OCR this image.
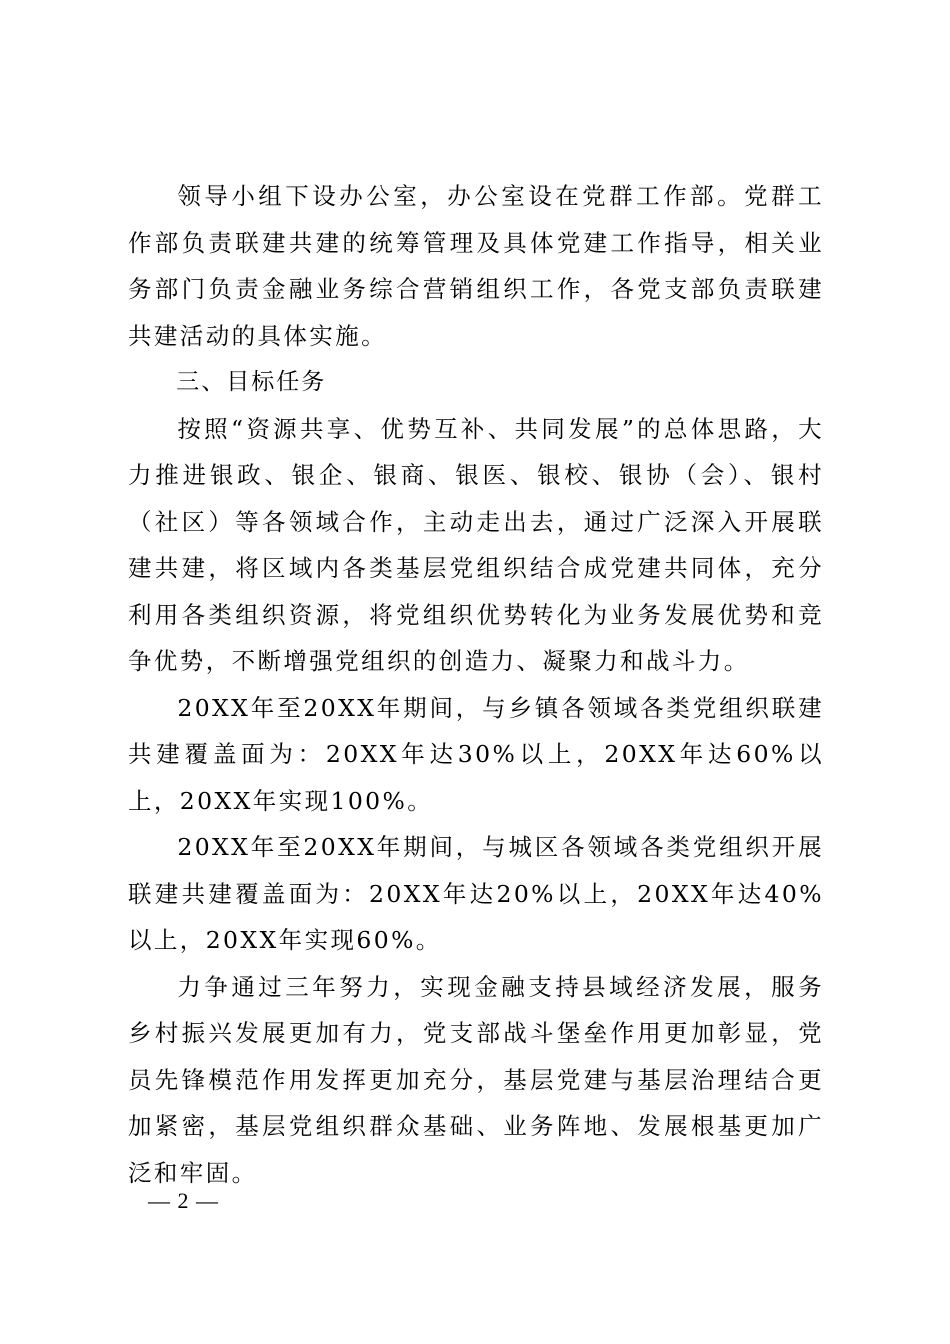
领导小组下设办公室，办公室设在党群工作部。党群工作部负责联建共建的统筹管理及具体党建工作指导，相关业务部门负责金融业务综合营销组织工作，各党支部负责联建共建活动的具体实施。

三、目标任务

按照“资源共享、优势互补、共同发展”的总体思路，大力推进银政、银企、银商、银医、银校、银协（会）、银村（社区）等各领域合作，主动走出去，通过广泛深入开展联建共建，将区域内各类基层党组织结合成党建共同体，充分利用各类组织资源，将党组织优势转化为业务发展优势和竞争优势，不断增强党组织的创造力、凝聚力和战斗力。

20XX年至20XX年期间，与乡镇各领域各类党组织联建共建覆盖面为：20XX年达30%以上，20XX年达60%以上，20XX年实现100%。

20XX年至20XX年期间，与城区各领域各类党组织开展联建共建覆盖面为：20XX年达20%以上，20XX年达40%以上，20XX年实现60%。

力争通过三年努力，实现金融支持县域经济发展，服务乡村振兴发展更加有力，党支部战斗堡垒作用更加彰显，党员先锋模范作用发挥更加充分，基层党建与基层治理结合更加紧密，基层党组织群众基础、业务阵地、发展根基更加广泛和牢固。

— 2 —
